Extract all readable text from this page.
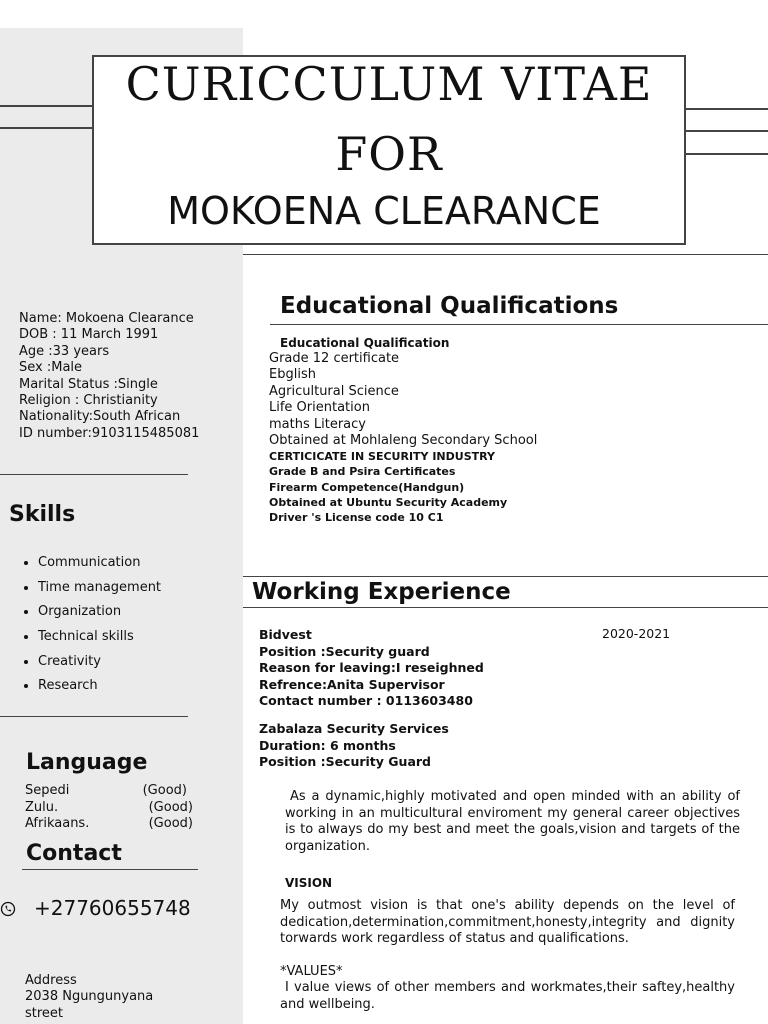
CURICCULUM VITAE
FOR
MOKOENA CLEARANCE
Name: Mokoena Clearance
DOB : 11 March 1991
Age :33 years
Sex :Male
Marital Status :Single
Religion : Christianity
Nationality:South African
ID number:9103115485081
Skills
• Communication
• Time management
• Organization
• Technical skills
• Creativity
• Research
Language
Sepedi	(Good)
Zulu.	(Good)
Afrikaans.	(Good)
Contact
+27760655748
Address
2038 Ngungunyana
street
Educational Qualifications
Educational Qualification
Grade 12 certificate
Ebglish
Agricultural Science
Life Orientation
maths Literacy
Obtained at Mohlaleng Secondary School
CERTICICATE IN SECURITY INDUSTRY
Grade B and Psira Certificates
Firearm Competence(Handgun)
Obtained at Ubuntu Security Academy
Driver 's License code 10 C1
Working Experience
Bidvest
Position :Security guard
Reason for leaving:I reseighned
Refrence:Anita Supervisor
Contact number : 0113603480
2020-2021
Zabalaza Security Services
Duration: 6 months
Position :Security Guard
As a dynamic,highly motivated and open minded with an ability of working in an multicultural enviroment my general career objectives is to always do my best and meet the goals,vision and targets of the organization.
VISION
My outmost vision is that one's ability depends on the level of dedication,determination,commitment,honesty,integrity and dignity torwards work regardless of status and qualifications.
*VALUES*
I value views of other members and workmates,their saftey,healthy and wellbeing.
